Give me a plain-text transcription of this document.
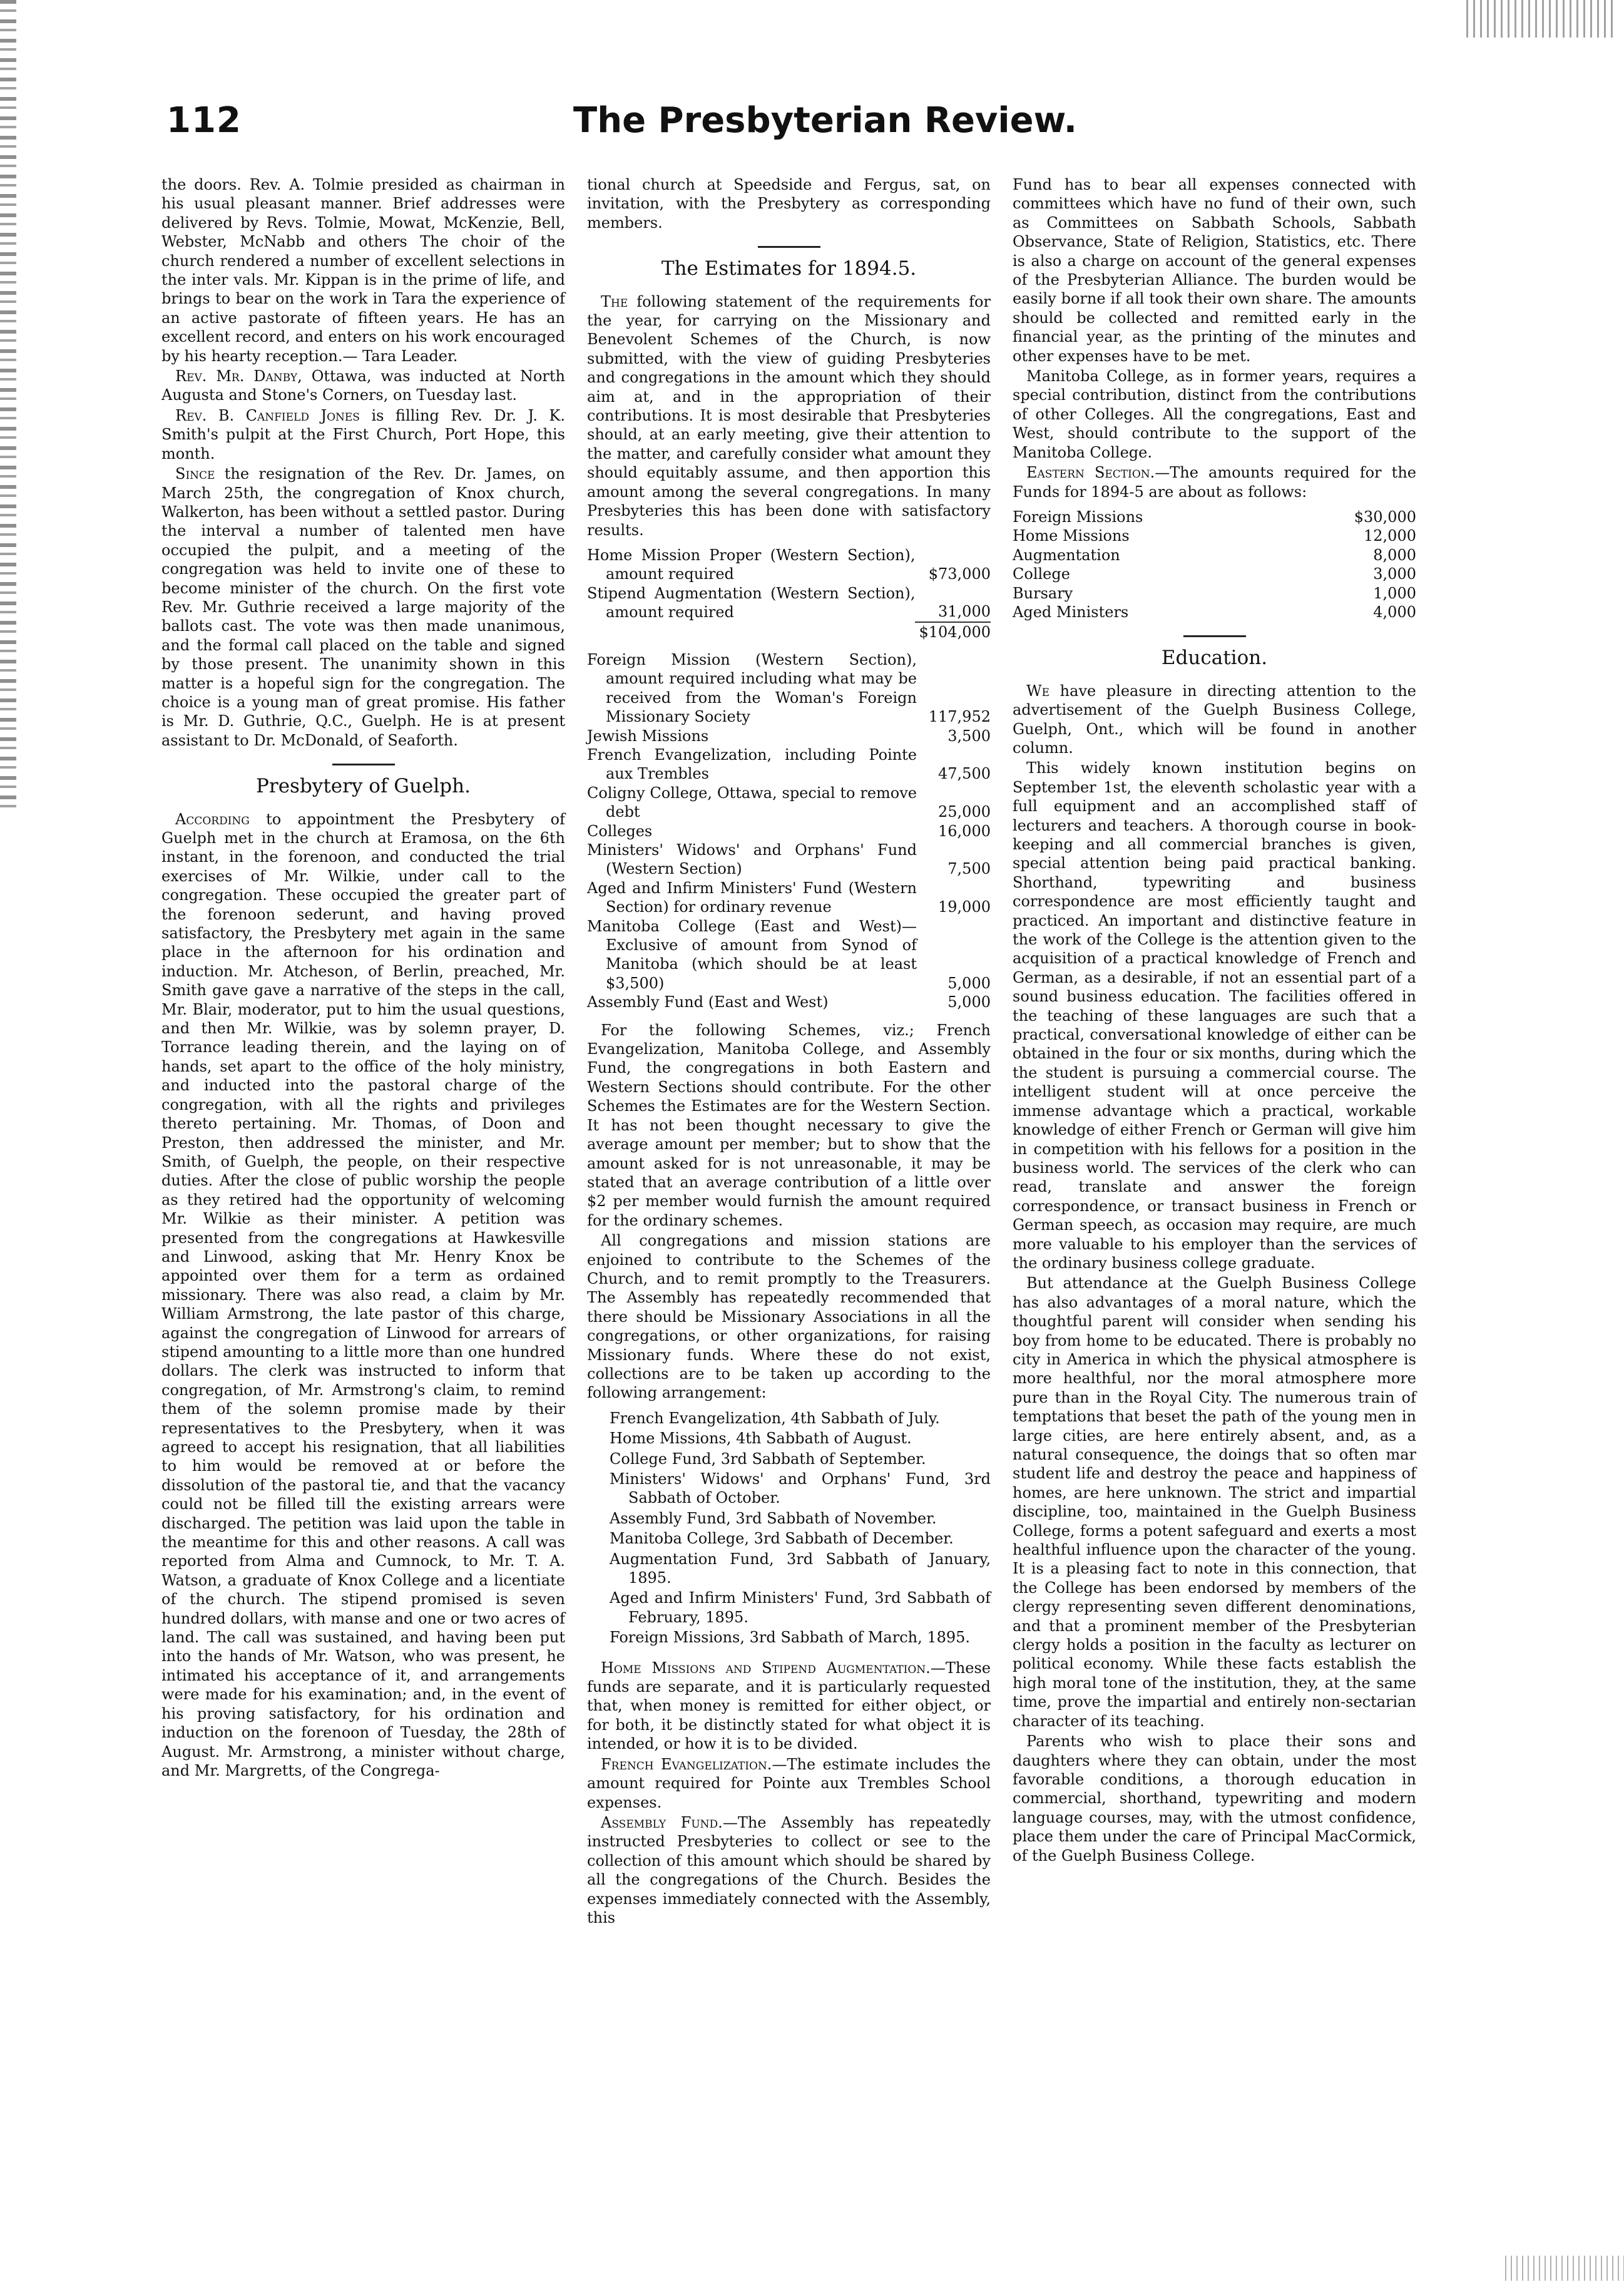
112	The Presbyterian Review.

the doors. Rev. A. Tolmie presided as chairman in his usual pleasant manner. Brief addresses were delivered by Revs. Tolmie, Mowat, McKenzie, Bell, Webster, McNabb and others The choir of the church rendered a number of excellent selections in the inter vals. Mr. Kippan is in the prime of life, and brings to bear on the work in Tara the experience of an active pastorate of fifteen years. He has an excellent record, and enters on his work encouraged by his hearty reception.— Tara Leader.

Rev. Mr. Danby, Ottawa, was inducted at North Augusta and Stone's Corners, on Tuesday last.

Rev. B. Canfield Jones is filling Rev. Dr. J. K. Smith's pulpit at the First Church, Port Hope, this month.

Since the resignation of the Rev. Dr. James, on March 25th, the congregation of Knox church, Walkerton, has been without a settled pastor. During the interval a number of talented men have occupied the pulpit, and a meeting of the congregation was held to invite one of these to become minister of the church. On the first vote Rev. Mr. Guthrie received a large majority of the ballots cast. The vote was then made unanimous, and the formal call placed on the table and signed by those present. The unanimity shown in this matter is a hopeful sign for the congregation. The choice is a young man of great promise. His father is Mr. D. Guthrie, Q.C., Guelph. He is at present assistant to Dr. McDonald, of Seaforth.

Presbytery of Guelph.

According to appointment the Presbytery of Guelph met in the church at Eramosa, on the 6th instant, in the forenoon, and conducted the trial exercises of Mr. Wilkie, under call to the congregation. These occupied the greater part of the forenoon sederunt, and having proved satisfactory, the Presbytery met again in the same place in the afternoon for his ordination and induction. Mr. Atcheson, of Berlin, preached, Mr. Smith gave gave a narrative of the steps in the call, Mr. Blair, moderator, put to him the usual questions, and then Mr. Wilkie, was by solemn prayer, D. Torrance leading therein, and the laying on of hands, set apart to the office of the holy ministry, and inducted into the pastoral charge of the congregation, with all the rights and privileges thereto pertaining. Mr. Thomas, of Doon and Preston, then addressed the minister, and Mr. Smith, of Guelph, the people, on their respective duties. After the close of public worship the people as they retired had the opportunity of welcoming Mr. Wilkie as their minister. A petition was presented from the congregations at Hawkesville and Linwood, asking that Mr. Henry Knox be appointed over them for a term as ordained missionary. There was also read, a claim by Mr. William Armstrong, the late pastor of this charge, against the congregation of Linwood for arrears of stipend amounting to a little more than one hundred dollars. The clerk was instructed to inform that congregation, of Mr. Armstrong's claim, to remind them of the solemn promise made by their representatives to the Presbytery, when it was agreed to accept his resignation, that all liabilities to him would be removed at or before the dissolution of the pastoral tie, and that the vacancy could not be filled till the existing arrears were discharged. The petition was laid upon the table in the meantime for this and other reasons. A call was reported from Alma and Cumnock, to Mr. T. A. Watson, a graduate of Knox College and a licentiate of the church. The stipend promised is seven hundred dollars, with manse and one or two acres of land. The call was sustained, and having been put into the hands of Mr. Watson, who was present, he intimated his acceptance of it, and arrangements were made for his examination; and, in the event of his proving satisfactory, for his ordination and induction on the forenoon of Tuesday, the 28th of August. Mr. Armstrong, a minister without charge, and Mr. Margretts, of the Congrega-

tional church at Speedside and Fergus, sat, on invitation, with the Presbytery as corresponding members.

The Estimates for 1894.5.

The following statement of the requirements for the year, for carrying on the Missionary and Benevolent Schemes of the Church, is now submitted, with the view of guiding Presbyteries and congregations in the amount which they should aim at, and in the appropriation of their contributions. It is most desirable that Presbyteries should, at an early meeting, give their attention to the matter, and carefully consider what amount they should equitably assume, and then apportion this amount among the several congregations. In many Presbyteries this has been done with satisfactory results.

Home Mission Proper (Western Section), amount required	$73,000
Stipend Augmentation (Western Section), amount required	31,000
	$104,000
Foreign Mission (Western Section), amount required including what may be received from the Woman's Foreign Missionary Society	117,952
Jewish Missions	3,500
French Evangelization, including Pointe aux Trembles	47,500
Coligny College, Ottawa, special to remove debt	25,000
Colleges	16,000
Ministers' Widows' and Orphans' Fund (Western Section)	7,500
Aged and Infirm Ministers' Fund (Western Section) for ordinary revenue	19,000
Manitoba College (East and West)—Exclusive of amount from Synod of Manitoba (which should be at least $3,500)	5,000
Assembly Fund (East and West)	5,000

For the following Schemes, viz.; French Evangelization, Manitoba College, and Assembly Fund, the congregations in both Eastern and Western Sections should contribute. For the other Schemes the Estimates are for the Western Section. It has not been thought necessary to give the average amount per member; but to show that the amount asked for is not unreasonable, it may be stated that an average contribution of a little over $2 per member would furnish the amount required for the ordinary schemes.

All congregations and mission stations are enjoined to contribute to the Schemes of the Church, and to remit promptly to the Treasurers. The Assembly has repeatedly recommended that there should be Missionary Associations in all the congregations, or other organizations, for raising Missionary funds. Where these do not exist, collections are to be taken up according to the following arrangement:

French Evangelization, 4th Sabbath of July.
Home Missions, 4th Sabbath of August.
College Fund, 3rd Sabbath of September.
Ministers' Widows' and Orphans' Fund, 3rd Sabbath of October.
Assembly Fund, 3rd Sabbath of November.
Manitoba College, 3rd Sabbath of December.
Augmentation Fund, 3rd Sabbath of January, 1895.
Aged and Infirm Ministers' Fund, 3rd Sabbath of February, 1895.
Foreign Missions, 3rd Sabbath of March, 1895.

Home Missions and Stipend Augmentation.—These funds are separate, and it is particularly requested that, when money is remitted for either object, or for both, it be distinctly stated for what object it is intended, or how it is to be divided.

French Evangelization.—The estimate includes the amount required for Pointe aux Trembles School expenses.

Assembly Fund.—The Assembly has repeatedly instructed Presbyteries to collect or see to the collection of this amount which should be shared by all the congregations of the Church. Besides the expenses immediately connected with the Assembly, this

Fund has to bear all expenses connected with committees which have no fund of their own, such as Committees on Sabbath Schools, Sabbath Observance, State of Religion, Statistics, etc. There is also a charge on account of the general expenses of the Presbyterian Alliance. The burden would be easily borne if all took their own share. The amounts should be collected and remitted early in the financial year, as the printing of the minutes and other expenses have to be met.

Manitoba College, as in former years, requires a special contribution, distinct from the contributions of other Colleges. All the congregations, East and West, should contribute to the support of the Manitoba College.

Eastern Section.—The amounts required for the Funds for 1894-5 are about as follows:

Foreign Missions	$30,000
Home Missions	12,000
Augmentation	8,000
College	3,000
Bursary	1,000
Aged Ministers	4,000
Education.

We have pleasure in directing attention to the advertisement of the Guelph Business College, Guelph, Ont., which will be found in another column.

This widely known institution begins on September 1st, the eleventh scholastic year with a full equipment and an accomplished staff of lecturers and teachers. A thorough course in book-keeping and all commercial branches is given, special attention being paid practical banking. Shorthand, typewriting and business correspondence are most efficiently taught and practiced. An important and distinctive feature in the work of the College is the attention given to the acquisition of a practical knowledge of French and German, as a desirable, if not an essential part of a sound business education. The facilities offered in the teaching of these languages are such that a practical, conversational knowledge of either can be obtained in the four or six months, during which the the student is pursuing a commercial course. The intelligent student will at once perceive the immense advantage which a practical, workable knowledge of either French or German will give him in competition with his fellows for a position in the business world. The services of the clerk who can read, translate and answer the foreign correspondence, or transact business in French or German speech, as occasion may require, are much more valuable to his employer than the services of the ordinary business college graduate.

But attendance at the Guelph Business College has also advantages of a moral nature, which the thoughtful parent will consider when sending his boy from home to be educated. There is probably no city in America in which the physical atmosphere is more healthful, nor the moral atmosphere more pure than in the Royal City. The numerous train of temptations that beset the path of the young men in large cities, are here entirely absent, and, as a natural consequence, the doings that so often mar student life and destroy the peace and happiness of homes, are here unknown. The strict and impartial discipline, too, maintained in the Guelph Business College, forms a potent safeguard and exerts a most healthful influence upon the character of the young. It is a pleasing fact to note in this connection, that the College has been endorsed by members of the clergy representing seven different denominations, and that a prominent member of the Presbyterian clergy holds a position in the faculty as lecturer on political economy. While these facts establish the high moral tone of the institution, they, at the same time, prove the impartial and entirely non-sectarian character of its teaching.

Parents who wish to place their sons and daughters where they can obtain, under the most favorable conditions, a thorough education in commercial, shorthand, typewriting and modern language courses, may, with the utmost confidence, place them under the care of Principal MacCormick, of the Guelph Business College.
